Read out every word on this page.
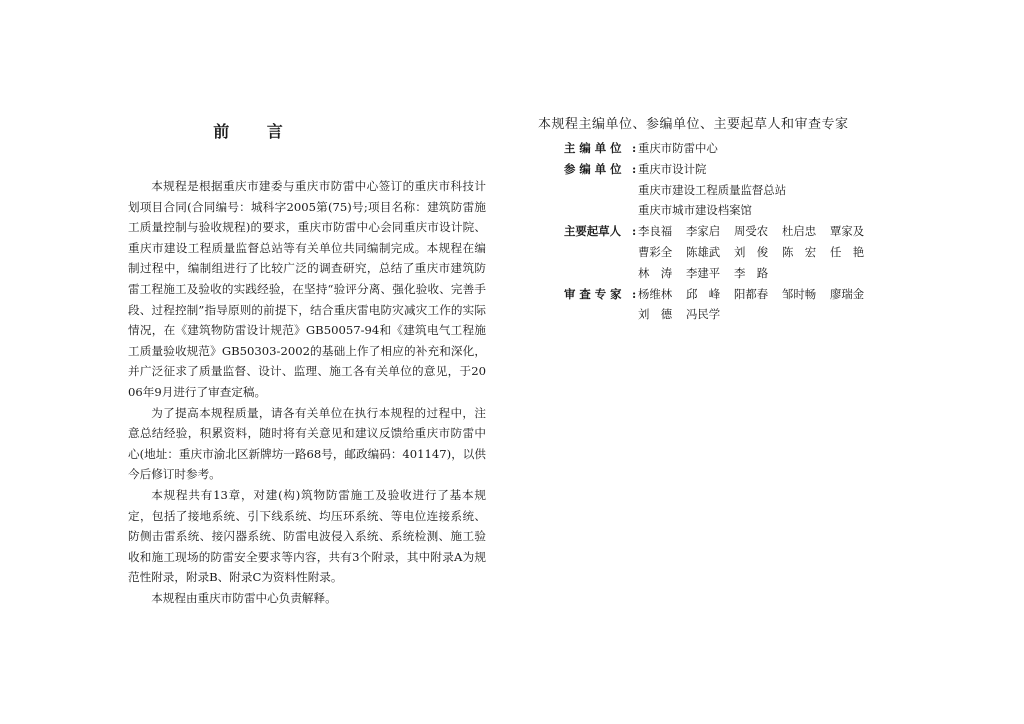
前 言

本规程是根据重庆市建委与重庆市防雷中心签订的重庆市科技计划项目合同(合同编号：城科字2005第(75)号;项目名称：建筑防雷施工质量控制与验收规程)的要求，重庆市防雷中心会同重庆市设计院、重庆市建设工程质量监督总站等有关单位共同编制完成。本规程在编制过程中，编制组进行了比较广泛的调查研究，总结了重庆市建筑防雷工程施工及验收的实践经验，在坚持“验评分离、强化验收、完善手段、过程控制”指导原则的前提下，结合重庆雷电防灾减灾工作的实际情况，在《建筑物防雷设计规范》GB50057-94和《建筑电气工程施工质量验收规范》GB50303-2002的基础上作了相应的补充和深化，并广泛征求了质量监督、设计、监理、施工各有关单位的意见，于2006年9月进行了审查定稿。

为了提高本规程质量，请各有关单位在执行本规程的过程中，注意总结经验，积累资料，随时将有关意见和建议反馈给重庆市防雷中心(地址：重庆市渝北区新牌坊一路68号，邮政编码：401147)，以供今后修订时参考。

本规程共有13章，对建(构)筑物防雷施工及验收进行了基本规定，包括了接地系统、引下线系统、均压环系统、等电位连接系统、防侧击雷系统、接闪器系统、防雷电波侵入系统、系统检测、施工验收和施工现场的防雷安全要求等内容，共有3个附录，其中附录A为规范性附录，附录B、附录C为资料性附录。

本规程由重庆市防雷中心负责解释。

本规程主编单位、参编单位、主要起草人和审查专家
主 编 单 位 : 重庆市防雷中心
参 编 单 位 : 重庆市设计院
重庆市建设工程质量监督总站
重庆市城市建设档案馆
主要起草人 : 李良福	李家启	周受农	杜启忠	覃家及
曹彩全	陈雄武	刘　俊	陈　宏	任　艳
林　涛	李建平	李　路
审 查 专 家 : 杨维林	邱　峰	阳都春	邹时畅	廖瑞金
刘　德	冯民学
